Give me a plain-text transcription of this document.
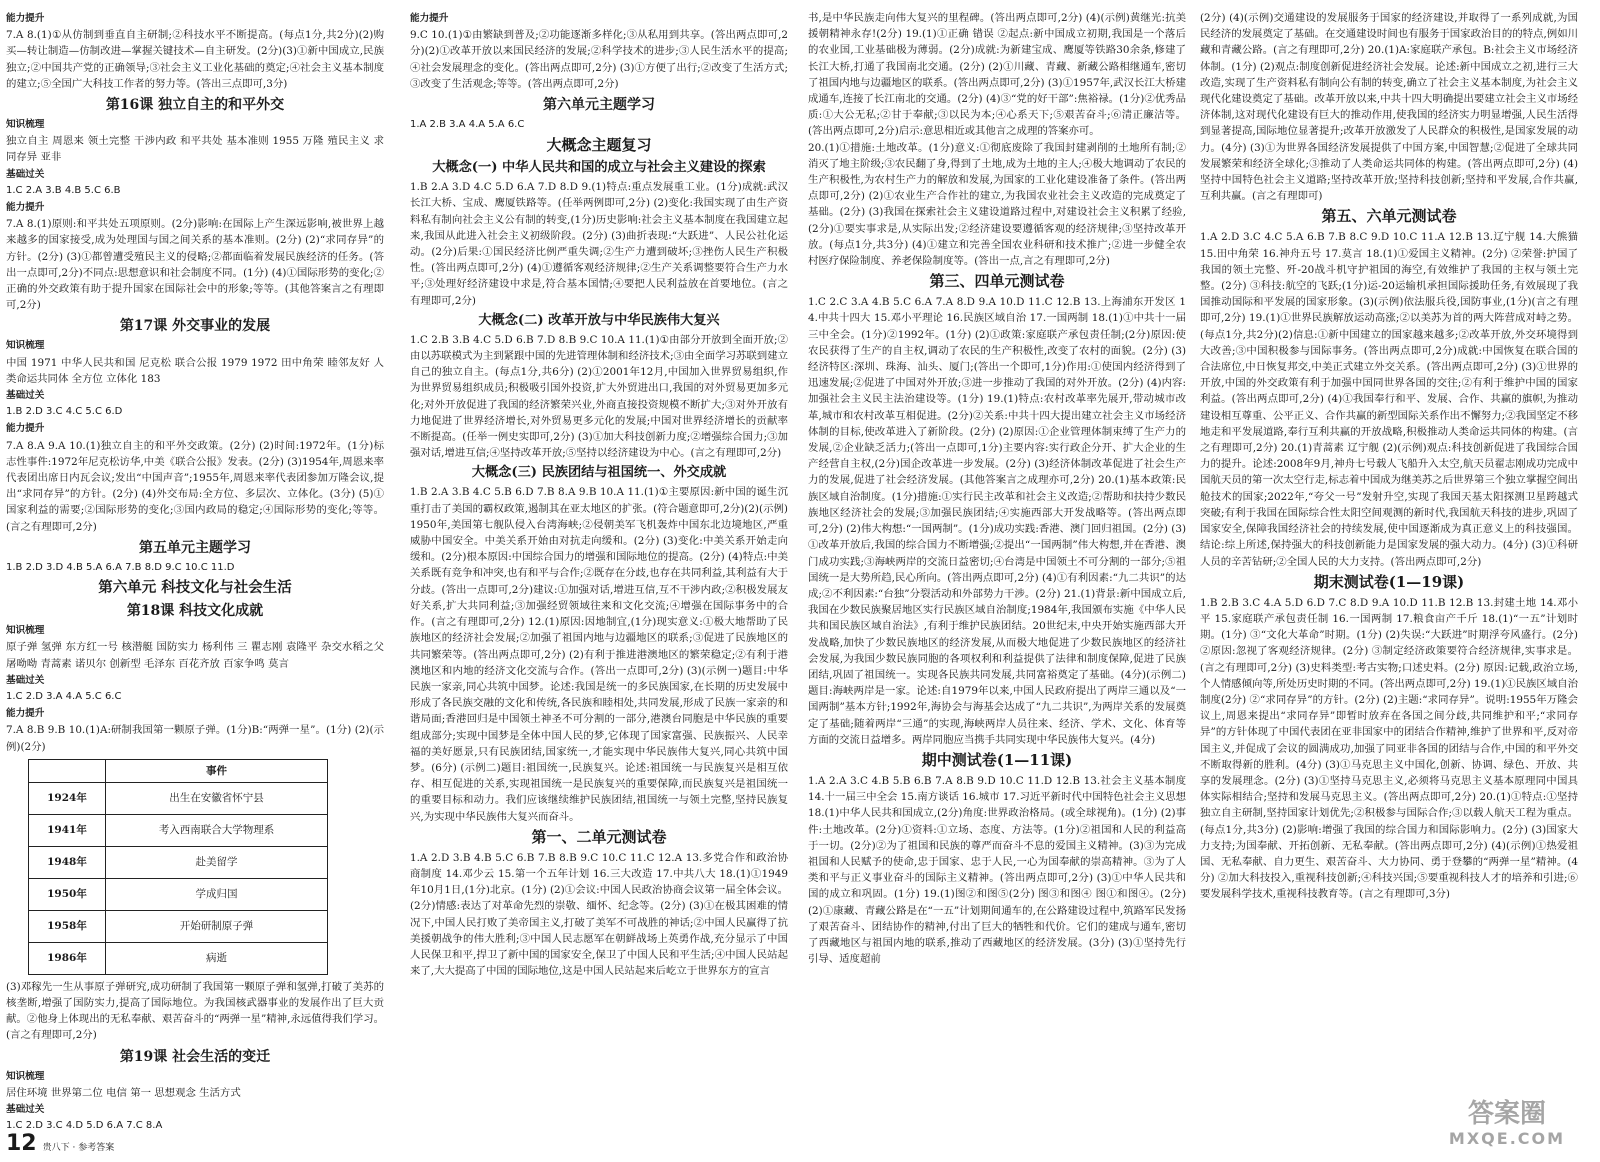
能力提升

7.A 8.(1)①从仿制到垂直自主研制;②科技水平不断提高。(每点1分,共2分)(2)购买—转让制造—仿制改进—掌握关键技术—自主研发。(2分)(3)①新中国成立,民族独立;②中国共产党的正确领导;③社会主义工业化基础的奠定;④社会主义基本制度的建立;⑤全国广大科技工作者的努力等。(答出三点即可,3分)

第16课 独立自主的和平外交
知识梳理

独立自主 周恩来 领土完整 干涉内政 和平共处 基本准则 1955 万隆 殖民主义 求同存异 亚非

基础过关

1.C 2.A 3.B 4.B 5.C 6.B

能力提升

7.A 8.(1)原则:和平共处五项原则。(2分)影响:在国际上产生深远影响,被世界上越来越多的国家接受,成为处理国与国之间关系的基本准则。(2分) (2)“求同存异”的方针。(2分) (3)①都曾遭受殖民主义的侵略;②都面临着发展民族经济的任务。(答出一点即可,2分)不同点:思想意识和社会制度不同。(1分) (4)①国际形势的变化;②正确的外交政策有助于提升国家在国际社会中的形象;等等。(其他答案言之有理即可,2分)

第17课 外交事业的发展
知识梳理

中国 1971 中华人民共和国 尼克松 联合公报 1979 1972 田中角荣 睦邻友好 人类命运共同体 全方位 立体化 183

基础过关

1.B 2.D 3.C 4.C 5.C 6.D

能力提升

7.A 8.A 9.A 10.(1)独立自主的和平外交政策。(2分) (2)时间:1972年。(1分)标志性事件:1972年尼克松访华,中美《联合公报》发表。(2分) (3)1954年,周恩来率代表团出席日内瓦会议;发出“中国声音”;1955年,周恩来率代表团参加万隆会议,提出“求同存异”的方针。(2分) (4)外交布局:全方位、多层次、立体化。(3分) (5)①国家利益的需要;②国际形势的变化;③国内政局的稳定;④国际形势的变化;等等。(言之有理即可,2分)

第五单元主题学习

1.B 2.D 3.D 4.B 5.A 6.A 7.B 8.D 9.C 10.C 11.D

第六单元 科技文化与社会生活
第18课 科技文化成就
知识梳理

原子弹 氢弹 东方红一号 核潜艇 国防实力 杨利伟 三 瞿志刚 袁隆平 杂交水稻之父 屠呦呦 青蒿素 诺贝尔 创新型 毛泽东 百花齐放 百家争鸣 莫言

基础过关

1.C 2.D 3.A 4.A 5.C 6.C

能力提升

7.A 8.B 9.B 10.(1)A:研制我国第一颗原子弹。(1分)B:“两弹一星”。(1分) (2)(示例)(2分)

	事件
1924年	出生在安徽省怀宁县
1941年	考入西南联合大学物理系
1948年	赴美留学
1950年	学成归国
1958年	开始研制原子弹
1986年	病逝

(3)邓稼先一生从事原子弹研究,成功研制了我国第一颗原子弹和氢弹,打破了美苏的核垄断,增强了国防实力,提高了国际地位。为我国核武器事业的发展作出了巨大贡献。②他身上体现出的无私奉献、艰苦奋斗的“两弹一星”精神,永远值得我们学习。(言之有理即可,2分)

第19课 社会生活的变迁
知识梳理

居住环境 世界第二位 电信 第一 思想观念 生活方式

基础过关

1.C 2.D 3.C 4.D 5.D 6.A 7.C 8.A

能力提升

9.C 10.(1)①由繁缺到普及;②功能逐渐多样化;③从私用到共享。(答出两点即可,2分)(2)①改革开放以来国民经济的发展;②科学技术的进步;③人民生活水平的提高;④社会发展理念的变化。(答出两点即可,2分) (3)①方便了出行;②改变了生活方式;③改变了生活观念;等等。(答出两点即可,2分)

第六单元主题学习

1.A 2.B 3.A 4.A 5.A 6.C

大概念主题复习
大概念(一) 中华人民共和国的成立与社会主义建设的探索

1.B 2.A 3.D 4.C 5.D 6.A 7.D 8.D 9.(1)特点:重点发展重工业。(1分)成就:武汉长江大桥、宝成、鹰厦铁路等。(任举两例即可,2分) (2)变化:我国实现了由生产资料私有制向社会主义公有制的转变,(1分)历史影响:社会主义基本制度在我国建立起来,我国从此进入社会主义初级阶段。(2分) (3)曲折表现:“大跃进”、人民公社化运动。(2分)后果:①国民经济比例严重失调;②生产力遭到破坏;③挫伤人民生产积极性。(答出两点即可,2分) (4)①遵循客观经济规律;②生产关系调整要符合生产力水平;③处理好经济建设中求是,符合基本国情;④要把人民利益放在首要地位。(言之有理即可,2分)

大概念(二) 改革开放与中华民族伟大复兴

1.C 2.B 3.B 4.C 5.D 6.B 7.D 8.B 9.C 10.A 11.(1)①由部分开放到全面开放;②由以苏联模式为主到紧跟中国的先进管理体制和经济技术;③由全面学习苏联到建立自己的独立自主。(每点1分,共6分) (2)①2001年12月,中国加入世界贸易组织,作为世界贸易组织成员;积极吸引国外投资,扩大外贸进出口,我国的对外贸易更加多元化;对外开放促进了我国的经济繁荣兴业,外商直接投资规模不断扩大;③对外开放有力地促进了世界经济增长,对外贸易更多元化的发展;中国对世界经济增长的贡献率不断提高。(任举一例史实即可,2分) (3)①加大科技创新力度;②增强综合国力;③加强对话,增进互信;④坚持改革开放;⑤坚持以经济建设为中心。(言之有理即可,2分)

大概念(三) 民族团结与祖国统一、外交成就

1.B 2.A 3.B 4.C 5.B 6.D 7.B 8.A 9.B 10.A 11.(1)①主要原因:新中国的诞生沉重打击了美国的霸权政策,遏制其在亚太地区的扩张。(符合题意即可,2分)(2)(示例)1950年,美国第七舰队侵入台湾海峡;②侵朝美军飞机轰炸中国东北边境地区,严重威胁中国安全。中美关系开始由对抗走向缓和。(2分) (3)变化:中美关系开始走向缓和。(2分)根本原因:中国综合国力的增强和国际地位的提高。(2分) (4)特点:中美关系既有竞争和冲突,也有和平与合作;②既存在分歧,也存在共同利益,其利益有大于分歧。(答出一点即可,2分)建议:①加强对话,增进互信,互不干涉内政;②积极发展友好关系,扩大共同利益;③加强经贸领域往来和文化交流;④增强在国际事务中的合作。(言之有理即可,2分) 12.(1)原因:因地制宜,(1分)现实意义:①极大地帮助了民族地区的经济社会发展;②加强了祖国内地与边疆地区的联系;③促进了民族地区的共同繁荣等。(答出两点即可,2分) (2)有利于推进港澳地区的繁荣稳定;②有利于港澳地区和内地的经济文化交流与合作。(答出一点即可,2分) (3)(示例一)题目:中华民族一家亲,同心共筑中国梦。论述:我国是统一的多民族国家,在长期的历史发展中形成了各民族交融的文化和传统,各民族和睦相处,共同发展,形成了民族一家亲的和谐局面;香港回归是中国领土神圣不可分割的一部分,港澳台同胞是中华民族的重要组成部分;实现中国梦是全体中国人民的梦,它体现了国家富强、民族振兴、人民幸福的美好愿景,只有民族团结,国家统一,才能实现中华民族伟大复兴,同心共筑中国梦。(6分) (示例二)题目:祖国统一,民族复兴。论述:祖国统一与民族复兴是相互依存、相互促进的关系,实现祖国统一是民族复兴的重要保障,而民族复兴是祖国统一的重要目标和动力。我们应该继续维护民族团结,祖国统一与领土完整,坚持民族复兴,为实现中华民族伟大复兴而奋斗。

第一、二单元测试卷

1.A 2.D 3.B 4.B 5.C 6.B 7.B 8.B 9.C 10.C 11.C 12.A 13.多党合作和政治协商制度 14.邓少云 15.第一个五年计划 16.三大改造 17.中共八大 18.(1)①1949年10月1日,(1分)北京。(1分) (2)①会议:中国人民政治协商会议第一届全体会议。(2分)情感:表达了对革命先烈的崇敬、缅怀、纪念等。(2分) (3)①在极其困难的情况下,中国人民打败了美帝国主义,打破了美军不可战胜的神话;②中国人民赢得了抗美援朝战争的伟大胜利;③中国人民志愿军在朝鲜战场上英勇作战,充分显示了中国人民保卫和平,捍卫了新中国的国家安全,保卫了中国人民和平生活;④中国人民站起来了,大大提高了中国的国际地位,这是中国人民站起来后屹立于世界东方的宣言

书,是中华民族走向伟大复兴的里程碑。(答出两点即可,2分) (4)(示例)黄继光:抗美援朝精神永存!(2分) 19.(1)①正确 错误 ②起点:新中国成立初期,我国是一个落后的农业国,工业基础极为薄弱。(2分)成就:为新建宝成、鹰厦等铁路30余条,修建了长江大桥,打通了我国南北交通。(2分) (2)①川藏、青藏、新藏公路相继通车,密切了祖国内地与边疆地区的联系。(答出两点即可,2分) (3)①1957年,武汉长江大桥建成通车,连接了长江南北的交通。(2分) (4)③“党的好干部”:焦裕禄。(1分)②优秀品质:①大公无私;②甘于奉献;③以民为本;④心系天下;⑤艰苦奋斗;⑥清正廉洁等。(答出两点即可,2分)启示:意思相近或其他言之成理的答案亦可。

20.(1)①措施:土地改革。(1分)意义:①彻底废除了我国封建剥削的土地所有制;②消灭了地主阶级;③农民翻了身,得到了土地,成为土地的主人;④极大地调动了农民的生产积极性,为农村生产力的解放和发展,为国家的工业化建设准备了条件。(答出两点即可,2分) (2)①农业生产合作社的建立,为我国农业社会主义改造的完成奠定了基础。(2分) (3)我国在探索社会主义建设道路过程中,对建设社会主义积累了经验,(2分)①要实事求是,从实际出发;②经济建设要遵循客观的经济规律;③坚持改革开放。(每点1分,共3分) (4)①建立和完善全国农业科研和技术推广;②进一步健全农村医疗保险制度、养老保险制度等。(答出一点,言之有理即可,2分)

第三、四单元测试卷

1.C 2.C 3.A 4.B 5.C 6.A 7.A 8.D 9.A 10.D 11.C 12.B 13.上海浦东开发区 14.中共十四大 15.邓小平理论 16.民族区域自治 17.一国两制 18.(1)①中共十一届三中全会。(1分)②1992年。(1分) (2)①政策:家庭联产承包责任制;(2分)原因:使农民获得了生产的自主权,调动了农民的生产积极性,改变了农村的面貌。(2分) (3)经济特区:深圳、珠海、汕头、厦门;(答出一个即可,1分)作用:①使国内经济得到了迅速发展;②促进了中国对外开放;③进一步推动了我国的对外开放。(2分) (4)内容:加强社会主义民主法治建设等。(1分) 19.(1)特点:农村改革率先展开,带动城市改革,城市和农村改革互相促进。(2分)②关系:中共十四大提出建立社会主义市场经济体制的目标,使改革进入了新阶段。(2分) (2)原因:①企业管理体制束缚了生产力的发展,②企业缺乏活力;(答出一点即可,1分)主要内容:实行政企分开、扩大企业的生产经营自主权,(2分)国企改革进一步发展。(2分) (3)经济体制改革促进了社会生产力的发展,促进了社会经济发展。(其他答案言之成理亦可,2分) 20.(1)基本政策:民族区域自治制度。(1分)措施:①实行民主改革和社会主义改造;②帮助和扶持少数民族地区经济社会的发展;③加强民族团结;④实施西部大开发战略等。(答出两点即可,2分) (2)伟大构想:“一国两制”。(1分)成功实践:香港、澳门回归祖国。(2分) (3)①改革开放后,我国的综合国力不断增强;②提出“一国两制”伟大构想,并在香港、澳门成功实践;③海峡两岸的交流日益密切;④台湾是中国领土不可分割的一部分;⑤祖国统一是大势所趋,民心所向。(答出两点即可,2分) (4)①有利因素:“九二共识”的达成;②不利因素:“台独”分裂活动和外部势力干涉。(2分) 21.(1)背景:新中国成立后,我国在少数民族聚居地区实行民族区域自治制度;1984年,我国颁布实施《中华人民共和国民族区域自治法》,有利于维护民族团结。20世纪末,中央开始实施西部大开发战略,加快了少数民族地区的经济发展,从而极大地促进了少数民族地区的经济社会发展,为我国少数民族同胞的各项权利和利益提供了法律和制度保障,促进了民族团结,巩固了祖国统一。实现各民族共同发展,共同富裕奠定了基础。(4分)(示例二)题目:海峡两岸是一家。论述:自1979年以来,中国人民政府提出了两岸三通以及“一国两制”基本方针;1992年,海协会与海基会达成了“九二共识”,为两岸关系的发展奠定了基础;随着两岸“三通”的实现,海峡两岸人员往来、经济、学术、文化、体育等方面的交流日益增多。两岸同胞应当携手共同实现中华民族伟大复兴。(4分)

期中测试卷(1—11课)

1.A 2.A 3.C 4.B 5.B 6.B 7.A 8.B 9.D 10.C 11.D 12.B 13.社会主义基本制度 14.十一届三中全会 15.南方谈话 16.城市 17.习近平新时代中国特色社会主义思想 18.(1)中华人民共和国成立,(2分)角度:世界政治格局。(或全球视角)。(1分) (2)事件:土地改革。(2分)①资料:①立场、态度、方法等。(1分)②祖国和人民的利益高于一切。(2分)②为了祖国和民族的尊严而奋斗不息的爱国主义精神。(3)③为完成祖国和人民赋予的使命,忠于国家、忠于人民,一心为国奉献的崇高精神。③为了人类和平与正义事业奋斗的国际主义精神。(答出两点即可,2分) (3)①中华人民共和国的成立和巩固。(1分) 19.(1)图②和图⑤(2分) 图③和图④ 图①和图④。(2分) (2)①康藏、青藏公路是在“一五”计划期间通车的,在公路建设过程中,筑路军民发扬了艰苦奋斗、团结协作的精神,付出了巨大的牺牲和代价。它们的建成与通车,密切了西藏地区与祖国内地的联系,推动了西藏地区的经济发展。(3分) (3)①坚持先行引导、适度超前

(2分) (4)(示例)交通建设的发展服务于国家的经济建设,并取得了一系列成就,为国民经济的发展奠定了基础。在交通建设时间也有服务于国家政治目的的特点,例如川藏和青藏公路。(言之有理即可,2分) 20.(1)A:家庭联产承包。B:社会主义市场经济体制。(1分) (2)观点:制度创新促进经济社会发展。论述:新中国成立之初,进行三大改造,实现了生产资料私有制向公有制的转变,确立了社会主义基本制度,为社会主义现代化建设奠定了基础。改革开放以来,中共十四大明确提出要建立社会主义市场经济体制,这对现代化建设有巨大的推动作用,使我国的经济实力明显增强,人民生活得到显著提高,国际地位显著提升;改革开放激发了人民群众的积极性,是国家发展的动力。(4分) (3)①为世界各国经济发展提供了中国方案,中国智慧;②促进了全球共同发展繁荣和经济全球化;③推动了人类命运共同体的构建。(答出两点即可,2分) (4)坚持中国特色社会主义道路;坚持改革开放;坚持科技创新;坚持和平发展,合作共赢,互利共赢。(言之有理即可)

第五、六单元测试卷

1.A 2.D 3.C 4.C 5.A 6.B 7.B 8.C 9.D 10.C 11.A 12.B 13.辽宁舰 14.大熊猫 15.田中角荣 16.神舟五号 17.莫言 18.(1)①爱国主义精神。(2分) ②荣誉:护国了我国的领土完整、歼-20战斗机守护祖国的海空,有效维护了我国的主权与领土完整。(2分) ③科技:航空的飞跃;(1分)运-20运输机承担国际援助任务,有效展现了我国推动国际和平发展的国家形象。(3)(示例)依法服兵役,国防事业,(1分)(言之有理即可,2分) 19.(1)①世界民族解放运动高涨;②以美苏为首的两大阵营成对峙之势。(每点1分,共2分)(2)信息:①新中国建立的国家越来越多;②改革开放,外交环境得到大改善;③中国积极参与国际事务。(答出两点即可,2分)成就:中国恢复在联合国的合法席位,中日恢复邦交,中美正式建立外交关系。(答出两点即可,2分) (3)①世界的开放,中国的外交政策有利于加强中国同世界各国的交往;②有利于维护中国的国家利益。(答出两点即可,2分) (4)①我国奉行和平、发展、合作、共赢的旗帜,为推动建设相互尊重、公平正义、合作共赢的新型国际关系作出不懈努力;②我国坚定不移地走和平发展道路,奉行互利共赢的开放战略,积极推动人类命运共同体的构建。(言之有理即可,2分) 20.(1)青蒿素 辽宁舰 (2)(示例)观点:科技创新促进了我国综合国力的提升。论述:2008年9月,神舟七号载人飞船升入太空,航天员翟志刚成功完成中国航天员的第一次太空行走,标志着中国成为继美苏之后世界第三个独立掌握空间出舱技术的国家;2022年,“夸父一号”发射升空,实现了我国天基太阳探测卫星跨越式突破;有利于我国在国际综合性太阳空间观测的新时代,我国航天科技的进步,巩固了国家安全,保障我国经济社会的持续发展,使中国逐渐成为真正意义上的科技强国。结论:综上所述,保持强大的科技创新能力是国家发展的强大动力。(4分) (3)①科研人员的辛苦钻研;②全国人民的大力支持。(答出两点即可,2分)

期末测试卷(1—19课)

1.B 2.B 3.C 4.A 5.D 6.D 7.C 8.D 9.A 10.D 11.B 12.B 13.封建土地 14.邓小平 15.家庭联产承包责任制 16.一国两制 17.粮食亩产千斤 18.(1)“一五”计划时期。(1分) ③“文化大革命”时期。(1分) (2)失误:“大跃进”时期浮夸风盛行。(2分) ②原因:忽视了客观经济规律。(2分) ③制定经济政策要符合经济规律,实事求是。(言之有理即可,2分) (3)史料类型:考古实物;口述史料。(2分) 原因:记载,政治立场,个人情感倾向等,所处历史时期的不同。(答出两点即可,2分) 19.(1)①民族区域自治制度(2分) ②“求同存异”的方针。(2分) (2)主题:“求同存异”。说明:1955年万隆会议上,周恩来提出“求同存异”即暂时放弃在各国之间分歧,共同维护和平;“求同存异”的方针体现了中国代表团在亚非国家中的团结合作精神,维护了世界和平,反对帝国主义,并促成了会议的圆满成功,加强了同亚非各国的团结与合作,中国的和平外交不断取得新的胜利。(4分) (3)①马克思主义中国化,创新、协调、绿色、开放、共享的发展理念。(2分) (3)①坚持马克思主义,必须将马克思主义基本原理同中国具体实际相结合;坚持和发展马克思主义。(答出两点即可,2分) 20.(1)①特点:①坚持独立自主研制,坚持国家计划优先;②积极参与国际合作;③以载人航天工程为重点。(每点1分,共3分) (2)影响:增强了我国的综合国力和国际影响力。(2分) (3)国家大力支持;为国奉献、开拓创新、无私奉献。(答出两点即可,2分) (4)(示例)①热爱祖国、无私奉献、自力更生、艰苦奋斗、大力协同、勇于登攀的“两弹一星”精神。(4分) ②加大科技投入,重视科技创新;④科技兴国;⑤要重视科技人才的培养和引进;⑥要发展科学技术,重视科技教育等。(言之有理即可,3分)

12 贵八下 · 参考答案
答案圈
MXQE.COM
